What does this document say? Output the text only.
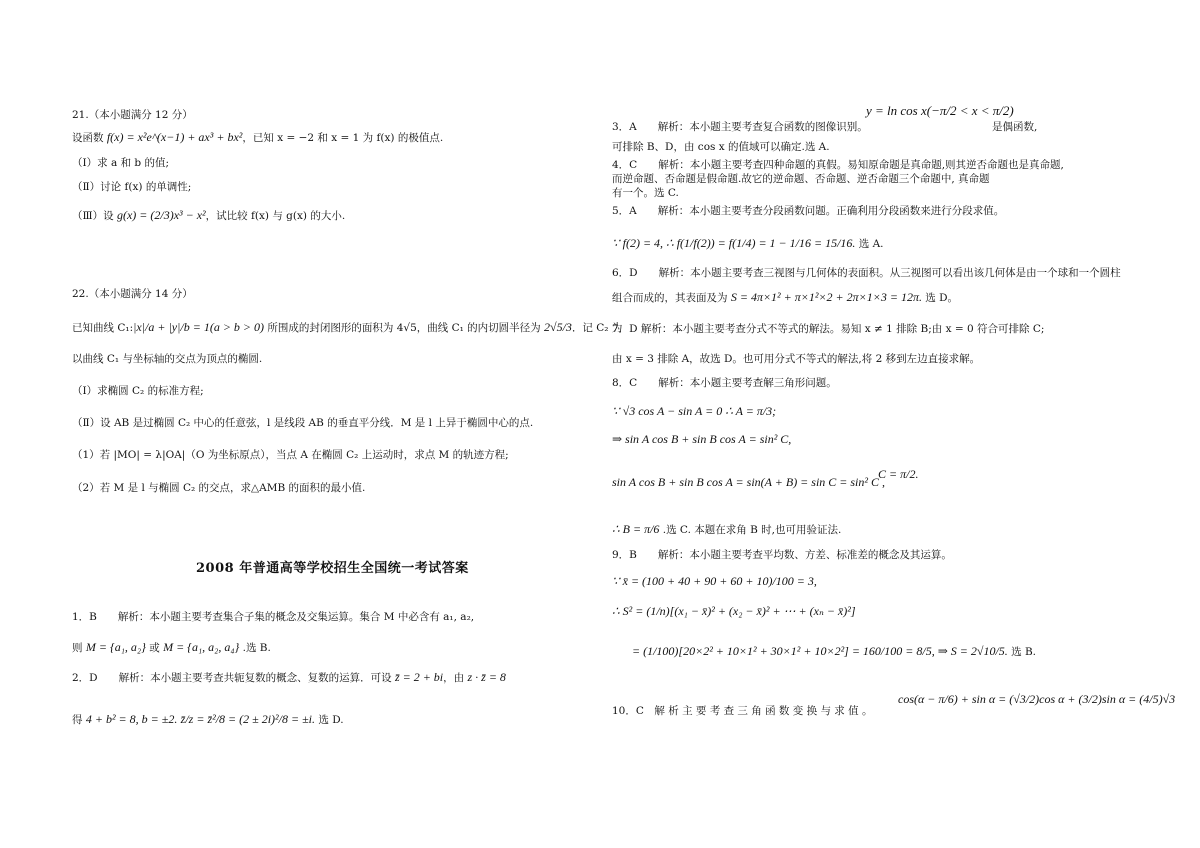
21.（本小题满分 12 分）
设函数 f(x) = x²e^(x−1) + ax³ + bx²，已知 x = −2 和 x = 1 为 f(x) 的极值点.
（Ⅰ）求 a 和 b 的值;
（Ⅱ）讨论 f(x) 的单调性;
（Ⅲ）设 g(x) = (2/3)x³ − x²，试比较 f(x) 与 g(x) 的大小.
22.（本小题满分 14 分）
已知曲线 C₁:|x|/a + |y|/b = 1(a > b > 0) 所围成的封闭图形的面积为 4√5，曲线 C₁ 的内切圆半径为 2√5/3．记 C₂ 为
以曲线 C₁ 与坐标轴的交点为顶点的椭圆.
（Ⅰ）求椭圆 C₂ 的标准方程;
（Ⅱ）设 AB 是过椭圆 C₂ 中心的任意弦，l 是线段 AB 的垂直平分线．M 是 l 上异于椭圆中心的点.
（1）若 |MO| = λ|OA|（O 为坐标原点），当点 A 在椭圆 C₂ 上运动时，求点 M 的轨迹方程;
（2）若 M 是 l 与椭圆 C₂ 的交点，求△AMB 的面积的最小值.
2008 年普通高等学校招生全国统一考试答案
1．B　　解析：本小题主要考查集合子集的概念及交集运算。集合 M 中必含有 a₁, a₂,
则 M = {a₁, a₂} 或 M = {a₁, a₂, a₄} .选 B.
2．D　　解析：本小题主要考查共轭复数的概念、复数的运算．可设 z̄ = 2 + bi，由 z · z̄ = 8
得 4 + b² = 8, b = ±2. z̄/z = z̄²/8 = (2 ± 2i)²/8 = ±i. 选 D.
y = ln cos x(−π/2 < x < π/2)
3．A　　解析：本小题主要考查复合函数的图像识别。	是偶函数,
可排除 B、D，由 cos x 的值域可以确定.选 A.
4．C　　解析：本小题主要考查四种命题的真假。易知原命题是真命题,则其逆否命题也是真命题,
而逆命题、否命题是假命题.故它的逆命题、否命题、逆否命题三个命题中, 真命题
有一个。选 C.
5．A　　解析：本小题主要考查分段函数问题。正确利用分段函数来进行分段求值。
∵ f(2) = 4, ∴ f(1/f(2)) = f(1/4) = 1 − 1/16 = 15/16. 选 A.
6．D　　解析：本小题主要考查三视图与几何体的表面积。从三视图可以看出该几何体是由一个球和一个圆柱
组合而成的，其表面及为 S = 4π×1² + π×1²×2 + 2π×1×3 = 12π. 选 D。
7．D 解析：本小题主要考查分式不等式的解法。易知 x ≠ 1 排除 B;由 x = 0 符合可排除 C;
由 x = 3 排除 A，故选 D。也可用分式不等式的解法,将 2 移到左边直接求解。
8．C　　解析：本小题主要考查解三角形问题。
∵ √3 cos A − sin A = 0 ∴ A = π/3;
⇒ sin A cos B + sin B cos A = sin² C,
sin A cos B + sin B cos A = sin(A + B) = sin C = sin² C ,
C = π/2.
∴ B = π/6 .选 C. 本题在求角 B 时,也可用验证法.
9．B　　解析：本小题主要考查平均数、方差、标准差的概念及其运算。
∵ x̄ = (100 + 40 + 90 + 60 + 10)/100 = 3,
∴ S² = (1/n)[(x₁ − x̄)² + (x₂ − x̄)² + ⋯ + (xₙ − x̄)²]
= (1/100)[20×2² + 10×1² + 30×1² + 10×2²] = 160/100 = 8/5, ⇒ S = 2√10/5. 选 B.
cos(α − π/6) + sin α = (√3/2)cos α + (3/2)sin α = (4/5)√3
10．C　解 析 主 要 考 查 三 角 函 数 变 换 与 求 值 。
